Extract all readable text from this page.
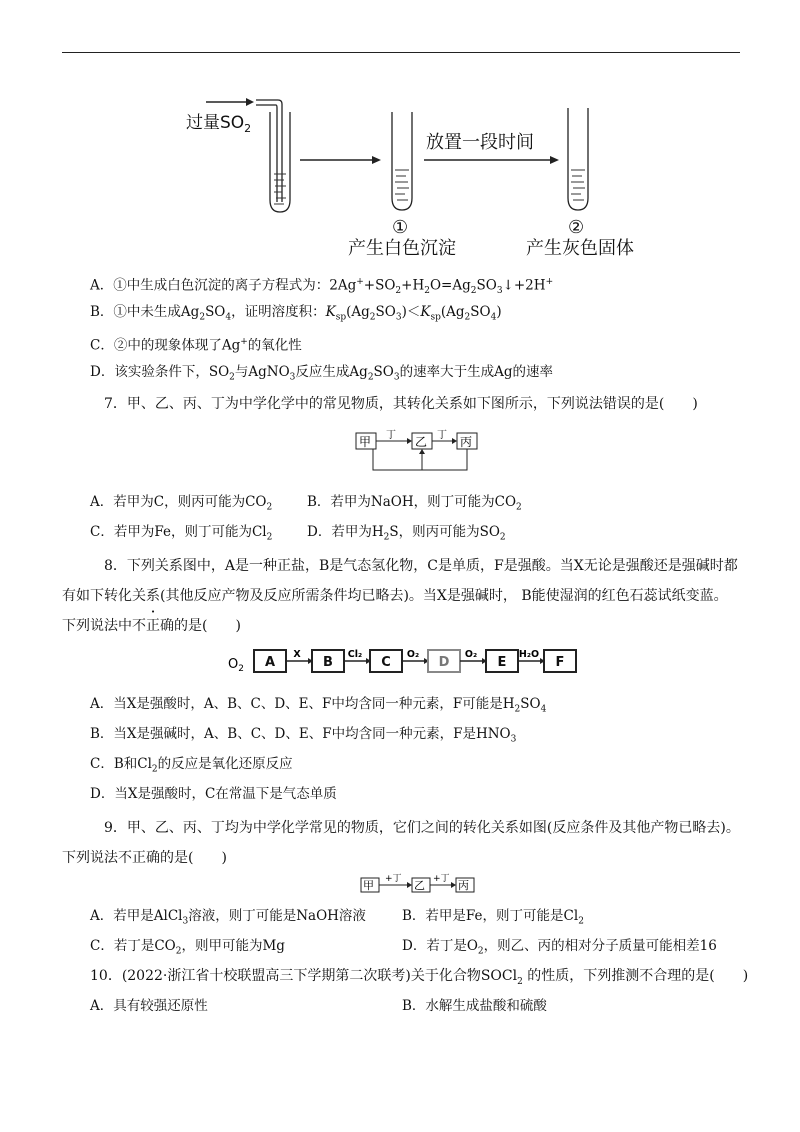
过量$SO_2$
①
产生白色沉淀
放置一段时间
②
产生灰色固体
A．①中生成白色沉淀的离子方程式为：$2Ag^++SO_2+H_2O=Ag_2SO_3↓+2H^+$
B．①中未生成$Ag_2SO_4$，证明溶度积：$K_{sp}(Ag_2SO_3)<K_{sp}(Ag_2SO_4)$
C．②中的现象体现了Ag+的氧化性
D．该实验条件下，$SO_2$与AgNO$_3$反应生成$Ag_2SO_3$的速率大于生成Ag的速率
7．甲、乙、丙、丁为中学化学中的常见物质，其转化关系如下图所示，下列说法错误的是(　　)
甲 丁 乙 丁 丙
A．若甲为C，则丙可能为$CO_2$	B．若甲为NaOH，则丁可能为$CO_2$
C．若甲为Fe，则丁可能为$Cl_2$	D．若甲为$H_2S$，则丙可能为$SO_2$
8．下列关系图中，A是一种正盐，B是气态氢化物，C是单质，F是强酸。当X无论是强酸还是强碱时都
有如下转化关系(其他反应产物及反应所需条件均已略去)。当X是强碱时， B能使湿润的红色石蕊试纸变蓝。
下列说法中不正确的是(　　)
$O_2$ A
X
B
Cl₂
C
O₂
D
O₂
E
H₂O
F
A．当X是强酸时，A、B、C、D、E、F中均含同一种元素，F可能是$H_2SO_4$
B．当X是强碱时，A、B、C、D、E、F中均含同一种元素，F是$HNO_3$
C．B和$Cl_2$的反应是氧化还原反应
D．当X是强酸时，C在常温下是气态单质
9．甲、乙、丙、丁均为中学化学常见的物质，它们之间的转化关系如图(反应条件及其他产物已略去)。
下列说法不正确的是(　　)
甲 +丁 乙 +丁 丙
A．若甲是AlCl$_3$溶液，则丁可能是NaOH溶液	B．若甲是Fe，则丁可能是$Cl_2$
C．若丁是$CO_2$，则甲可能为Mg	D．若丁是$O_2$，则乙、丙的相对分子质量可能相差16
10．(2022·浙江省十校联盟高三下学期第二次联考)关于化合物SOCl$_2$ 的性质，下列推测不合理的是(　　)
A．具有较强还原性	B．水解生成盐酸和硫酸
